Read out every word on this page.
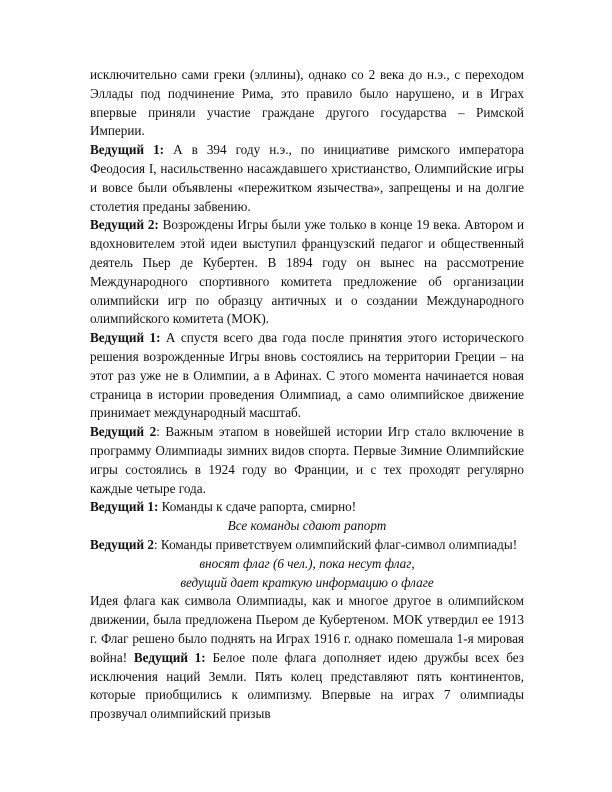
исключительно сами греки (эллины), однако со 2 века до н.э., с переходом Эллады под подчинение Рима, это правило было нарушено, и в Играх впервые приняли участие граждане другого государства – Римской Империи.

Ведущий 1: А в 394 году н.э., по инициативе римского императора Феодосия I, насильственно насаждавшего христианство, Олимпийские игры и вовсе были объявлены «пережитком язычества», запрещены и на долгие столетия преданы забвению.

Ведущий 2: Возрождены Игры были уже только в конце 19 века. Автором и вдохновителем этой идеи выступил французский педагог и общественный деятель Пьер де Кубертен. В 1894 году он вынес на рассмотрение Международного спортивного комитета предложение об организации олимпийски игр по образцу античных и о создании Международного олимпийского комитета (МОК).

Ведущий 1: А спустя всего два года после принятия этого исторического решения возрожденные Игры вновь состоялись на территории Греции – на этот раз уже не в Олимпии, а в Афинах. С этого момента начинается новая страница в истории проведения Олимпиад, а само олимпийское движение принимает международный масштаб.

Ведущий 2: Важным этапом в новейшей истории Игр стало включение в программу Олимпиады зимних видов спорта. Первые Зимние Олимпийские игры состоялись в 1924 году во Франции, и с тех проходят регулярно каждые четыре года.

Ведущий 1: Команды к сдаче рапорта, смирно!

Все команды сдают рапорт

Ведущий 2: Команды приветствуем олимпийский флаг-символ олимпиады!

вносят флаг (6 чел.), пока несут флаг,
ведущий дает краткую информацию о флаге

Идея флага как символа Олимпиады, как и многое другое в олимпийском движении, была предложена Пьером де Кубертеном. МОК утвердил ее 1913 г. Флаг решено было поднять на Играх 1916 г. однако помешала 1-я мировая война! Ведущий 1: Белое поле флага дополняет идею дружбы всех без исключения наций Земли. Пять колец представляют пять континентов, которые приобщились к олимпизму. Впервые на играх 7 олимпиады прозвучал олимпийский призыв
